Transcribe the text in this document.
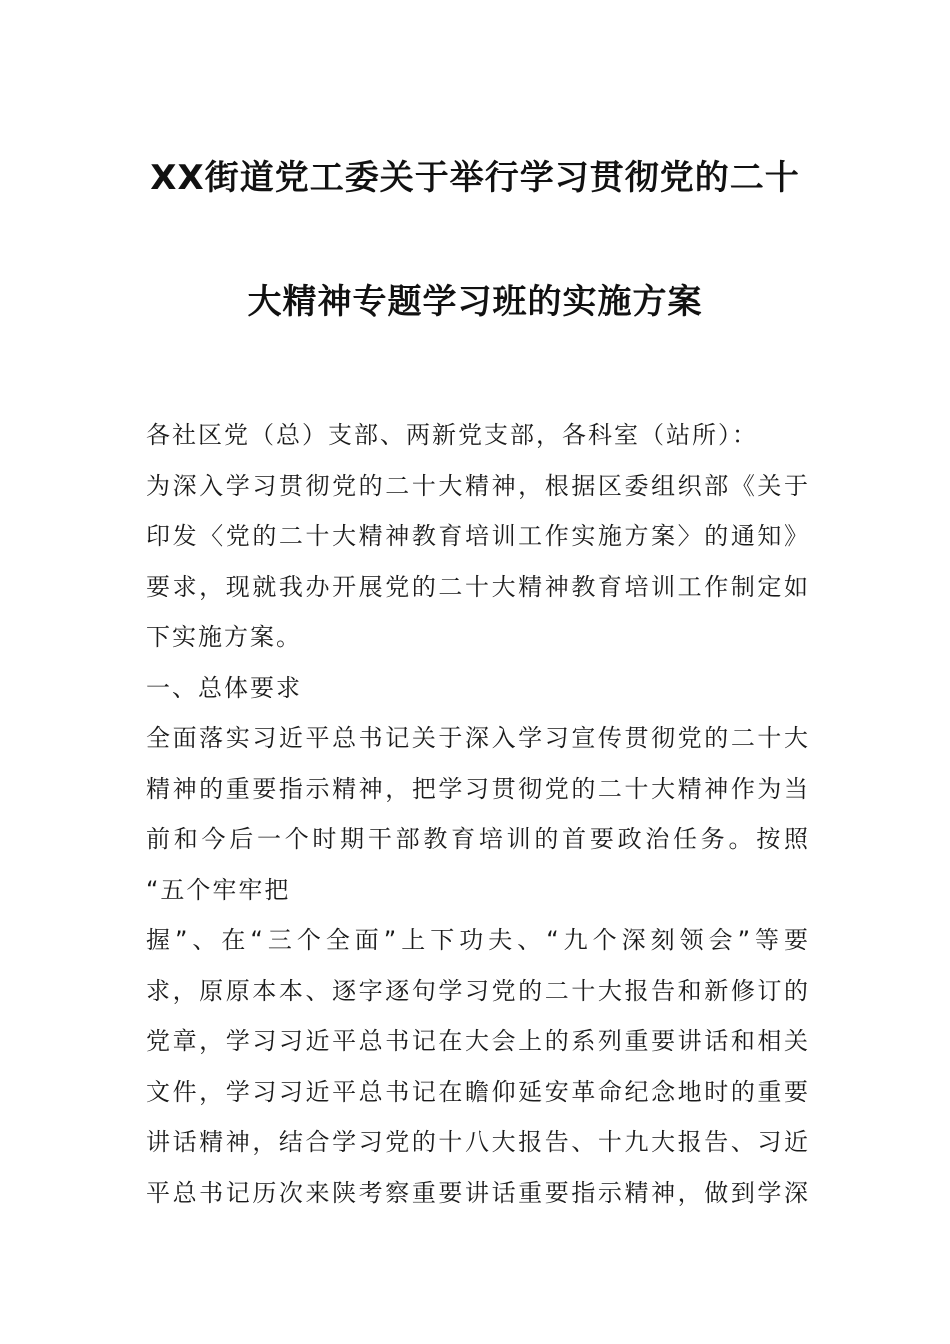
XX街道党工委关于举行学习贯彻党的二十
大精神专题学习班的实施方案
各社区党（总）支部、两新党支部，各科室（站所）：
为深入学习贯彻党的二十大精神，根据区委组织部《关于
印发〈党的二十大精神教育培训工作实施方案〉的通知》
要求，现就我办开展党的二十大精神教育培训工作制定如
下实施方案。
一、总体要求
全面落实习近平总书记关于深入学习宣传贯彻党的二十大
精神的重要指示精神，把学习贯彻党的二十大精神作为当
前和今后一个时期干部教育培训的首要政治任务。按照
“五个牢牢把
握”、在“三个全面”上下功夫、“九个深刻领会”等要
求，原原本本、逐字逐句学习党的二十大报告和新修订的
党章，学习习近平总书记在大会上的系列重要讲话和相关
文件，学习习近平总书记在瞻仰延安革命纪念地时的重要
讲话精神，结合学习党的十八大报告、十九大报告、习近
平总书记历次来陕考察重要讲话重要指示精神，做到学深
